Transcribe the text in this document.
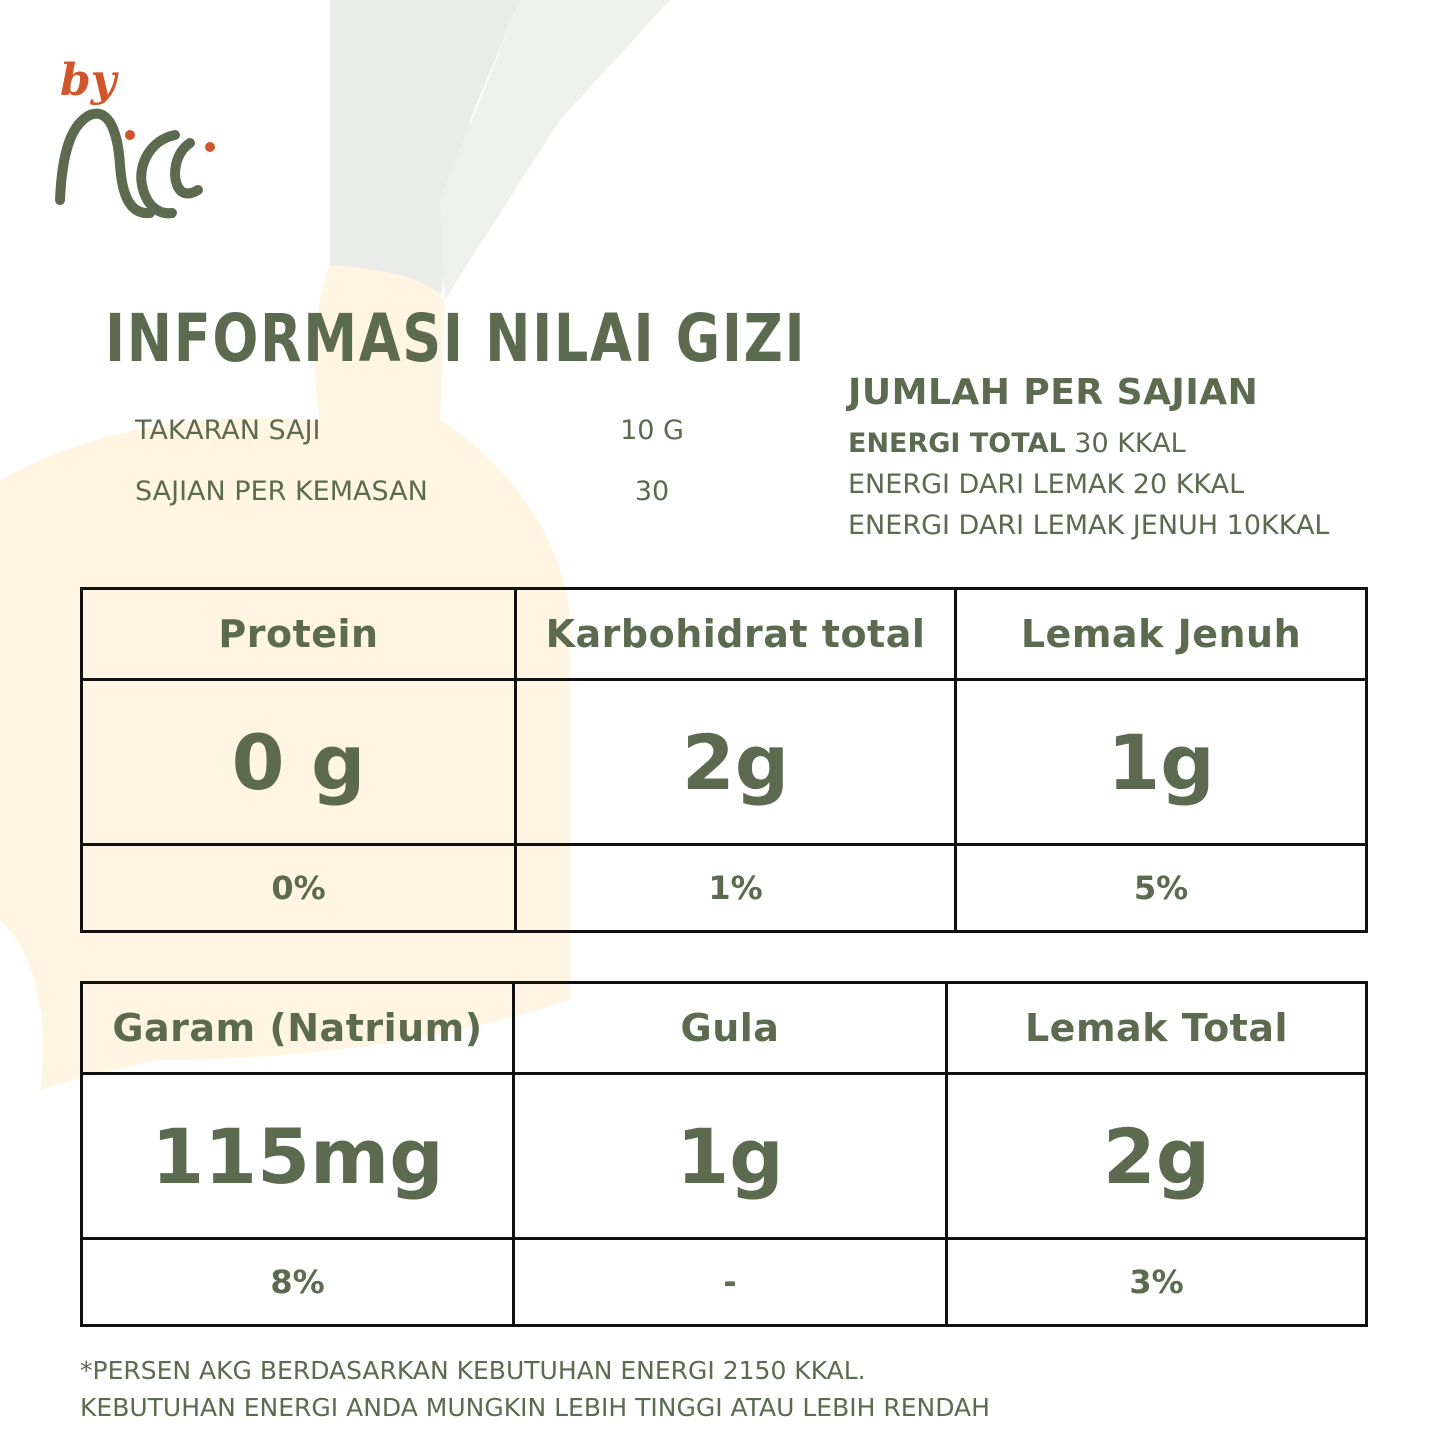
by
INFORMASI NILAI GIZI
TAKARAN SAJI	10 G
SAJIAN PER KEMASAN	30
JUMLAH PER SAJIAN
ENERGI TOTAL 30 KKAL
ENERGI DARI LEMAK 20 KKAL
ENERGI DARI LEMAK JENUH 10KKAL
Protein	Karbohidrat total	Lemak Jenuh
0 g	2g	1g
0%	1%	5%
Garam (Natrium)	Gula	Lemak Total
115mg	1g	2g
8%	-	3%
*PERSEN AKG BERDASARKAN KEBUTUHAN ENERGI 2150 KKAL.
KEBUTUHAN ENERGI ANDA MUNGKIN LEBIH TINGGI ATAU LEBIH RENDAH
